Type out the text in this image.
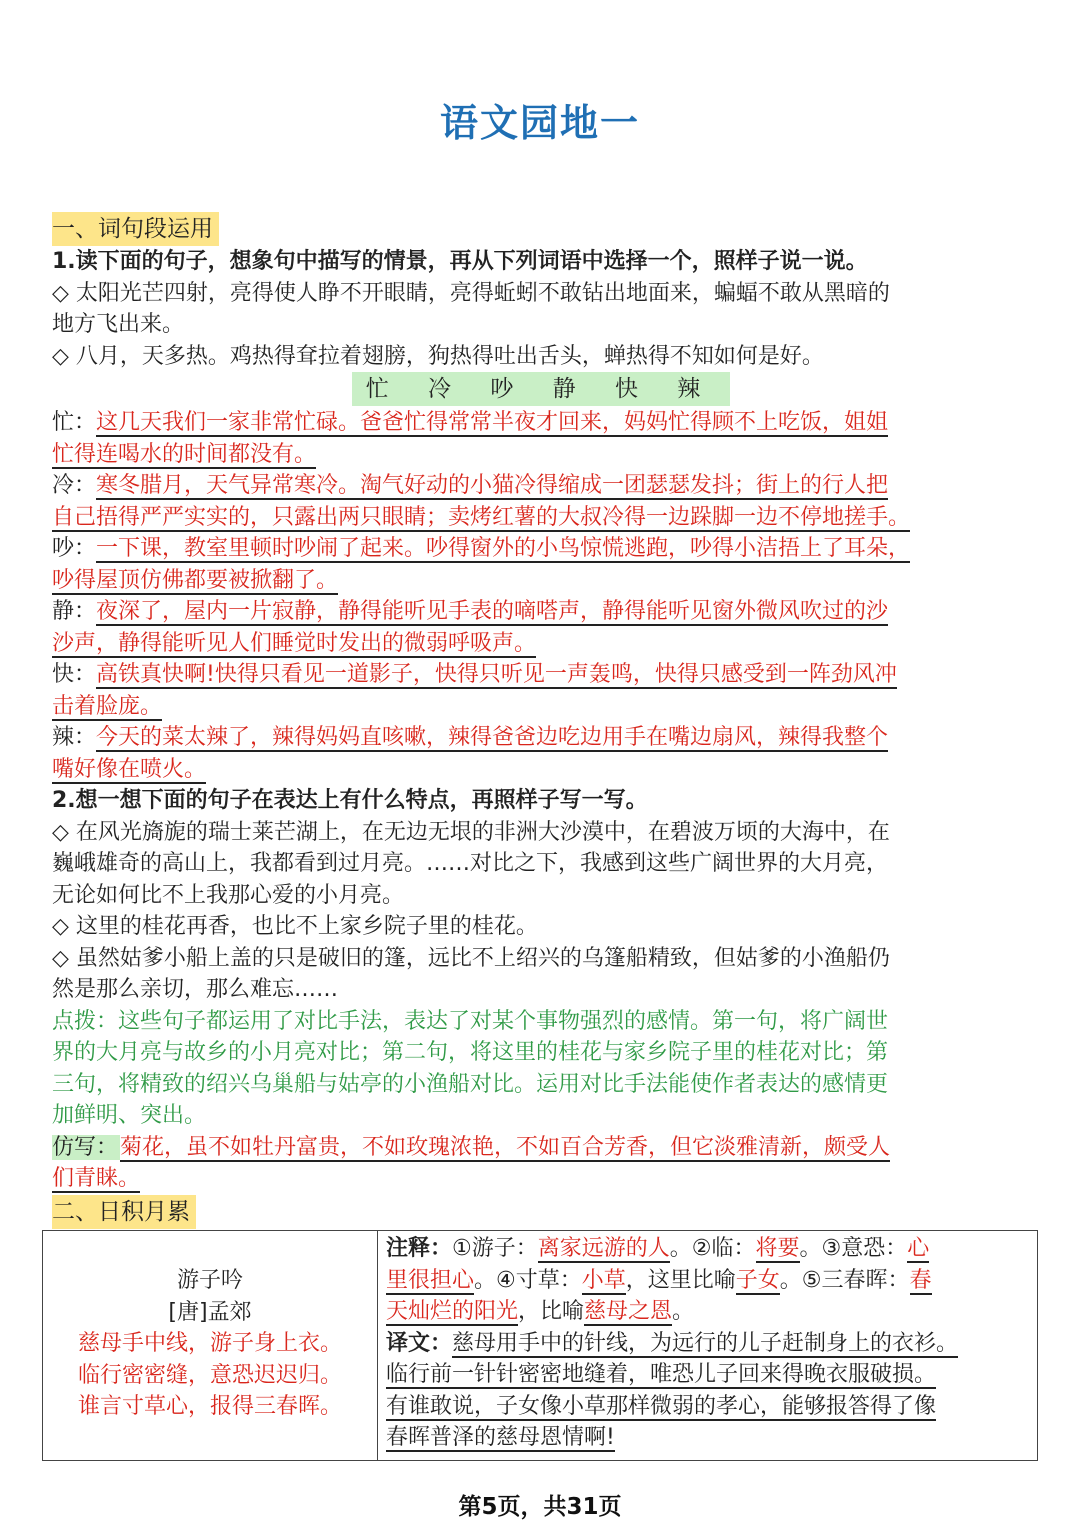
语文园地一
一、词句段运用
1.读下面的句子，想象句中描写的情景，再从下列词语中选择一个，照样子说一说。
◇ 太阳光芒四射，亮得使人睁不开眼睛，亮得蚯蚓不敢钻出地面来，蝙蝠不敢从黑暗的
地方飞出来。
◇ 八月，天多热。鸡热得耷拉着翅膀，狗热得吐出舌头，蝉热得不知如何是好。
忙 冷 吵 静 快 辣
忙：这几天我们一家非常忙碌。爸爸忙得常常半夜才回来，妈妈忙得顾不上吃饭，姐姐
忙得连喝水的时间都没有。
冷：寒冬腊月，天气异常寒冷。淘气好动的小猫冷得缩成一团瑟瑟发抖；街上的行人把
自己捂得严严实实的，只露出两只眼睛；卖烤红薯的大叔冷得一边跺脚一边不停地搓手。
吵：一下课，教室里顿时吵闹了起来。吵得窗外的小鸟惊慌逃跑，吵得小洁捂上了耳朵，
吵得屋顶仿佛都要被掀翻了。
静：夜深了，屋内一片寂静，静得能听见手表的嘀嗒声，静得能听见窗外微风吹过的沙
沙声，静得能听见人们睡觉时发出的微弱呼吸声。
快：高铁真快啊!快得只看见一道影子，快得只听见一声轰鸣，快得只感受到一阵劲风冲
击着脸庞。
辣：今天的菜太辣了，辣得妈妈直咳嗽，辣得爸爸边吃边用手在嘴边扇风，辣得我整个
嘴好像在喷火。
2.想一想下面的句子在表达上有什么特点，再照样子写一写。
◇ 在风光旖旎的瑞士莱芒湖上，在无边无垠的非洲大沙漠中，在碧波万顷的大海中，在
巍峨雄奇的高山上，我都看到过月亮。……对比之下，我感到这些广阔世界的大月亮，
无论如何比不上我那心爱的小月亮。
◇ 这里的桂花再香，也比不上家乡院子里的桂花。
◇ 虽然姑爹小船上盖的只是破旧的篷，远比不上绍兴的乌篷船精致，但姑爹的小渔船仍
然是那么亲切，那么难忘……
点拨：这些句子都运用了对比手法，表达了对某个事物强烈的感情。第一句，将广阔世
界的大月亮与故乡的小月亮对比；第二句，将这里的桂花与家乡院子里的桂花对比；第
三句，将精致的绍兴乌巢船与姑亭的小渔船对比。运用对比手法能使作者表达的感情更
加鲜明、突出。
仿写：菊花，虽不如牡丹富贵，不如玫瑰浓艳，不如百合芳香，但它淡雅清新，颇受人
们青睐。
二、日积月累
游子吟
[唐]孟郊
慈母手中线，游子身上衣。
临行密密缝，意恐迟迟归。
谁言寸草心，报得三春晖。

注释：①游子：离家远游的人。②临：将要。③意恐：心
里很担心。④寸草：小草，这里比喻子女。⑤三春晖：春
天灿烂的阳光，比喻慈母之恩。
译文：慈母用手中的针线，为远行的儿子赶制身上的衣衫。
临行前一针针密密地缝着，唯恐儿子回来得晚衣服破损。
有谁敢说，子女像小草那样微弱的孝心，能够报答得了像
春晖普泽的慈母恩情啊!
第5页，共31页
